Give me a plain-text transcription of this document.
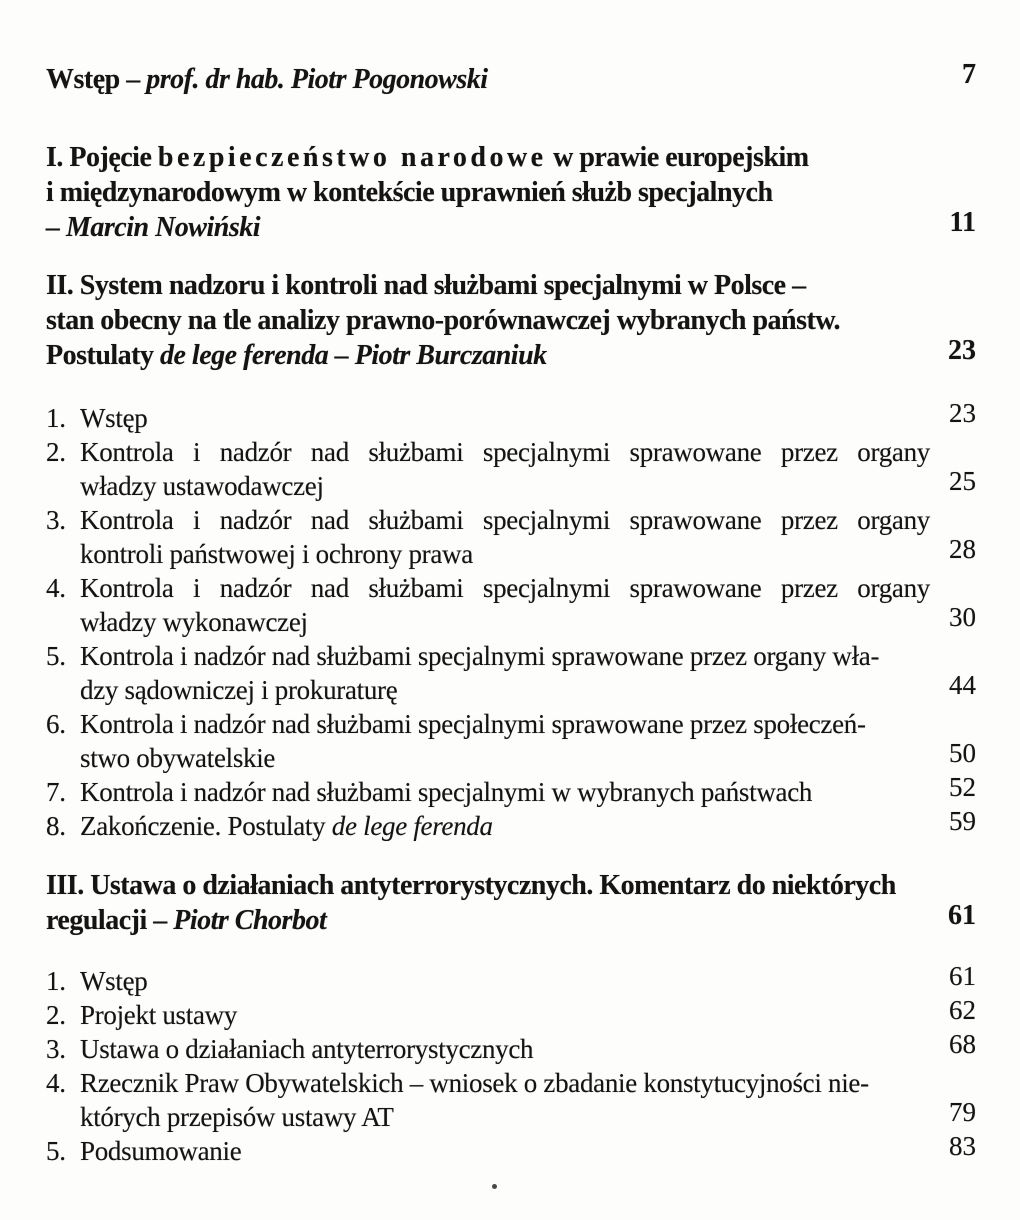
Wstęp – prof. dr hab. Piotr Pogonowski	7
I. Pojęcie bezpieczeństwo narodowe w prawie europejskim
i międzynarodowym w kontekście uprawnień służb specjalnych
– Marcin Nowiński	11
II. System nadzoru i kontroli nad służbami specjalnymi w Polsce –
stan obecny na tle analizy prawno-porównawczej wybranych państw.
Postulaty de lege ferenda – Piotr Burczaniuk	23
1. Wstęp	23
2. Kontrola i nadzór nad służbami specjalnymi sprawowane przez organy
władzy ustawodawczej	25
3. Kontrola i nadzór nad służbami specjalnymi sprawowane przez organy
kontroli państwowej i ochrony prawa	28
4. Kontrola i nadzór nad służbami specjalnymi sprawowane przez organy
władzy wykonawczej	30
5. Kontrola i nadzór nad służbami specjalnymi sprawowane przez organy wła-
dzy sądowniczej i prokuraturę	44
6. Kontrola i nadzór nad służbami specjalnymi sprawowane przez społeczeń-
stwo obywatelskie	50
7. Kontrola i nadzór nad służbami specjalnymi w wybranych państwach	52
8. Zakończenie. Postulaty de lege ferenda	59
III. Ustawa o działaniach antyterrorystycznych. Komentarz do niektórych
regulacji – Piotr Chorbot	61
1. Wstęp	61
2. Projekt ustawy	62
3. Ustawa o działaniach antyterrorystycznych	68
4. Rzecznik Praw Obywatelskich – wniosek o zbadanie konstytucyjności nie-
których przepisów ustawy AT	79
5. Podsumowanie	83
